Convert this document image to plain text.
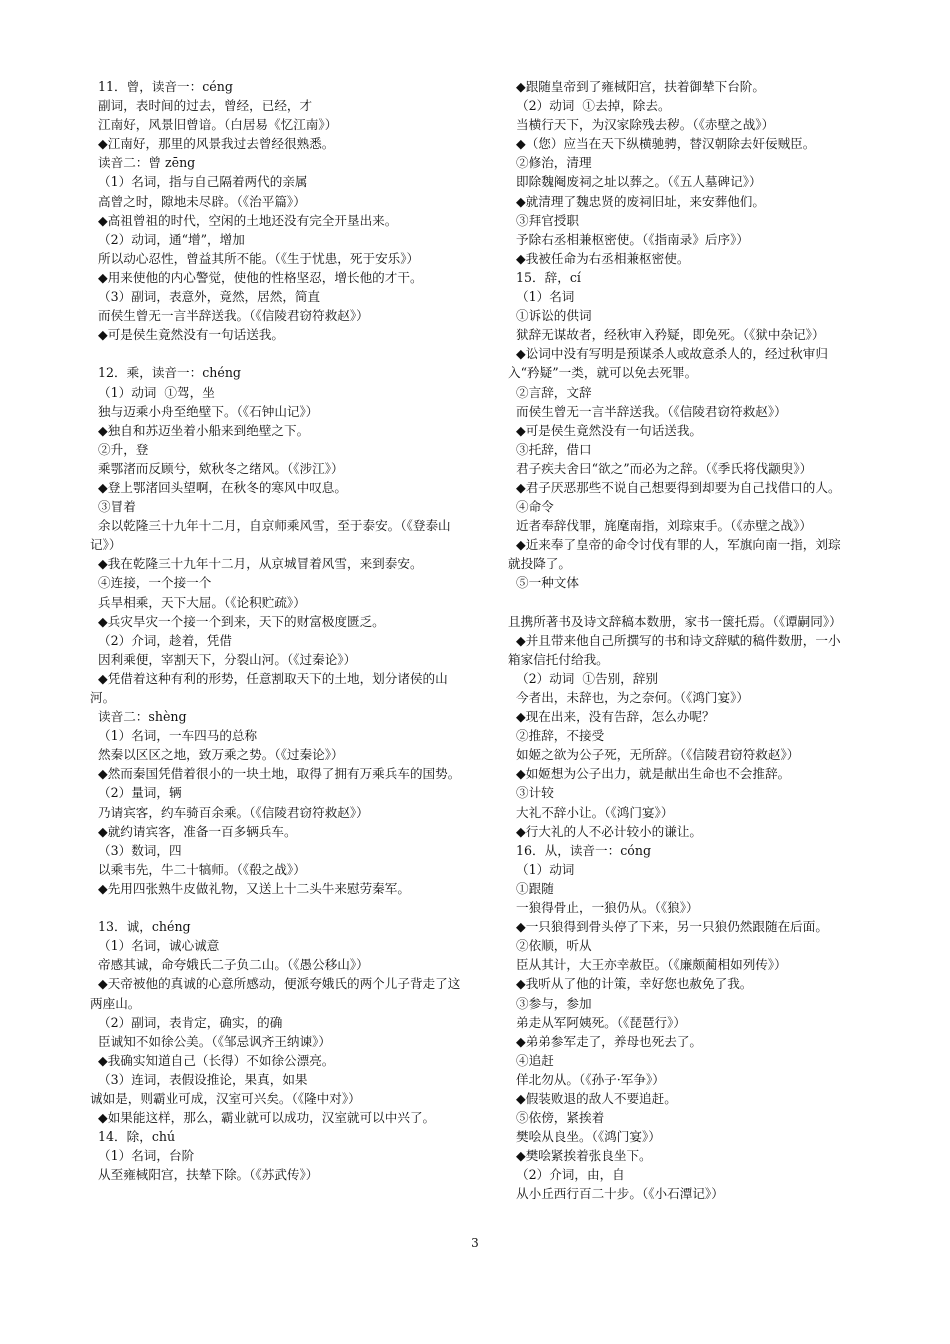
11．曾，读音一：céng
副词，表时间的过去，曾经，已经，才
江南好，风景旧曾谙。（白居易《忆江南》）
◆江南好，那里的风景我过去曾经很熟悉。
读音二：曾 zēng
（1）名词，指与自己隔着两代的亲属
高曾之时，隙地未尽辟。（《治平篇》）
◆高祖曾祖的时代，空闲的土地还没有完全开垦出来。
（2）动词，通“增”，增加
所以动心忍性，曾益其所不能。（《生于忧患，死于安乐》）
◆用来使他的内心警觉，使他的性格坚忍，增长他的才干。
（3）副词，表意外，竟然，居然，简直
而侯生曾无一言半辞送我。（《信陵君窃符救赵》）
◆可是侯生竟然没有一句话送我。
12．乘，读音一：chéng
（1）动词  ①驾，坐
独与迈乘小舟至绝壁下。（《石钟山记》）
◆独自和苏迈坐着小船来到绝壁之下。
②升，登
乘鄂渚而反顾兮，欸秋冬之绪风。（《涉江》）
◆登上鄂渚回头望啊，在秋冬的寒风中叹息。
③冒着
余以乾隆三十九年十二月，自京师乘风雪，至于泰安。（《登泰山记》）
◆我在乾隆三十九年十二月，从京城冒着风雪，来到泰安。
④连接，一个接一个
兵旱相乘，天下大屈。（《论积贮疏》）
◆兵灾旱灾一个接一个到来，天下的财富极度匮乏。
（2）介词，趁着，凭借
因利乘便，宰割天下，分裂山河。（《过秦论》）
◆凭借着这种有利的形势，任意割取天下的土地，划分诸侯的山河。
读音二：shèng
（1）名词，一车四马的总称
然秦以区区之地，致万乘之势。（《过秦论》）
◆然而秦国凭借着很小的一块土地，取得了拥有万乘兵车的国势。
（2）量词，辆
乃请宾客，约车骑百余乘。（《信陵君窃符救赵》）
◆就约请宾客，准备一百多辆兵车。
（3）数词，四
以乘韦先，牛二十犒师。（《殽之战》）
◆先用四张熟牛皮做礼物，又送上十二头牛来慰劳秦军。
13．诚，chéng
（1）名词，诚心诚意
帝感其诚，命夸娥氏二子负二山。（《愚公移山》）
◆天帝被他的真诚的心意所感动，便派夸娥氏的两个儿子背走了这两座山。
（2）副词，表肯定，确实，的确
臣诚知不如徐公美。（《邹忌讽齐王纳谏》）
◆我确实知道自己（长得）不如徐公漂亮。
（3）连词，表假设推论，果真，如果
诚如是，则霸业可成，汉室可兴矣。（《隆中对》）
◆如果能这样，那么，霸业就可以成功，汉室就可以中兴了。
14．除，chú
（1）名词，台阶
从至雍棫阳宫，扶辇下除。（《苏武传》）
◆跟随皇帝到了雍棫阳宫，扶着御辇下台阶。
（2）动词  ①去掉，除去。
当横行天下，为汉家除残去秽。（《赤壁之战》）
◆（您）应当在天下纵横驰骋，替汉朝除去奸佞贼臣。
②修治，清理
即除魏阉废祠之址以葬之。（《五人墓碑记》）
◆就清理了魏忠贤的废祠旧址，来安葬他们。
③拜官授职
予除右丞相兼枢密使。（《指南录》后序》）
◆我被任命为右丞相兼枢密使。
15．辞，cí
（1）名词
①诉讼的供词
狱辞无谋故者，经秋审入矜疑，即免死。（《狱中杂记》）
◆讼词中没有写明是预谋杀人或故意杀人的，经过秋审归入“矜疑”一类，就可以免去死罪。
②言辞，文辞
而侯生曾无一言半辞送我。（《信陵君窃符救赵》）
◆可是侯生竟然没有一句话送我。
③托辞，借口
君子疾夫舍曰“欲之”而必为之辞。（《季氏将伐颛臾》）
◆君子厌恶那些不说自己想要得到却要为自己找借口的人。
④命令
近者奉辞伐罪，旄麾南指，刘琮束手。（《赤壁之战》）
◆近来奉了皇帝的命令讨伐有罪的人，军旗向南一指，刘琮就投降了。
⑤一种文体
且携所著书及诗文辞稿本数册，家书一箧托焉。（《谭嗣同》）
◆并且带来他自己所撰写的书和诗文辞赋的稿件数册，一小箱家信托付给我。
（2）动词  ①告别，辞别
今者出，未辞也，为之奈何。（《鸿门宴》）
◆现在出来，没有告辞，怎么办呢？
②推辞，不接受
如姬之欲为公子死，无所辞。（《信陵君窃符救赵》）
◆如姬想为公子出力，就是献出生命也不会推辞。
③计较
大礼不辞小让。（《鸿门宴》）
◆行大礼的人不必计较小的谦让。
16．从，读音一：cóng
（1）动词
①跟随
一狼得骨止，一狼仍从。（《狼》）
◆一只狼得到骨头停了下来，另一只狼仍然跟随在后面。
②依顺，听从
臣从其计，大王亦幸赦臣。（《廉颇蔺相如列传》）
◆我听从了他的计策，幸好您也赦免了我。
③参与，参加
弟走从军阿姨死。（《琵琶行》）
◆弟弟参军走了，养母也死去了。
④追赶
佯北勿从。（《孙子·军争》）
◆假装败退的敌人不要追赶。
⑤依傍，紧挨着
樊哙从良坐。（《鸿门宴》）
◆樊哙紧挨着张良坐下。
（2）介词，由，自
从小丘西行百二十步。（《小石潭记》）
3
